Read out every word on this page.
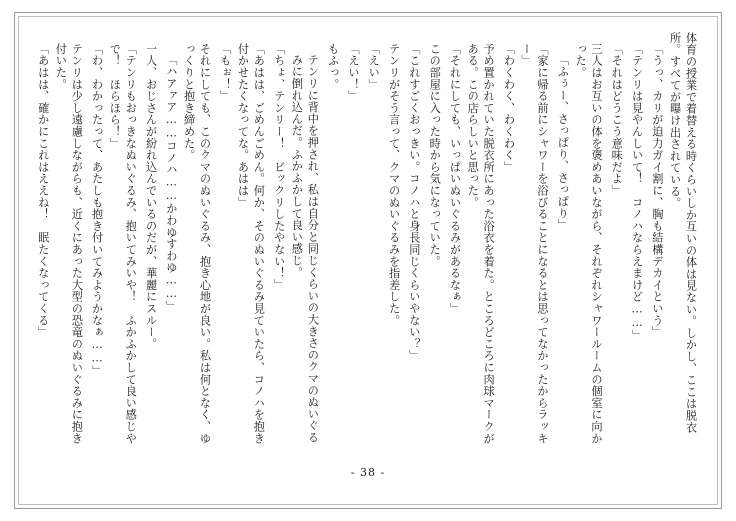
体育の授業で着替える時くらいしか互いの体は見ない。しかし、ここは脱衣所。すべてが曝け出されている。
「うっ、カリが迫力ガイ割に、胸も結構デカイという」
「テンリは見やんしいて！　コノハならえまけど……」
「それはどうこう意味だよ」
三人はお互いの体を褒めあいながら、それぞれシャワールームの個室に向かった。
「ふぅー、さっぱり、さっぱり」
「家に帰る前にシャワーを浴びることになるとは思ってなかったからラッキー」
「わくわく、わくわく」
予め置かれていた脱衣所にあった浴衣を着た。ところどころに肉球マークがある。この店らしいと思った。
「それにしても、いっぱいぬいぐるみがあるなぁ」
この部屋に入った時から気になっていた。
「これすごくおっきい。コノハと身長同じくらいやない？」
テンリがそう言って、クマのぬいぐるみを指差した。
「えい」
「えい！」
もふっ。
テンリに背中を押され、私は自分と同じくらいの大きさのクマのぬいぐるみに倒れ込んだ。ふかふかして良い感じ。
「ちょ、テンリー！　ビックリしたやない！」
「あはは、ごめんごめん。何か、そのぬいぐるみ見ていたら、コノハを抱き付かせたくなってな。あはは」
「もぉ！」
それにしても、このクマのぬいぐるみ、抱き心地が良い。私は何となく、ゆっくりと抱き締めた。
「ハアァア……コノハ……かわゆすわゆ……」
一人、おじさんが紛れ込んでいるのだが、華麗にスルー。
「テンリもおっきなぬいぐるみ、抱いてみいや！　ふかふかして良い感じやで！　ほらほら！」
「わ、わかったって、あたしも抱き付いてみようかなぁ……」
テンリは少し遠慮しながらも、近くにあった大型の恐竜のぬいぐるみに抱き付いた。
「あはは、確かにこれはええね！　眠たくなってくる」
- 38 -
